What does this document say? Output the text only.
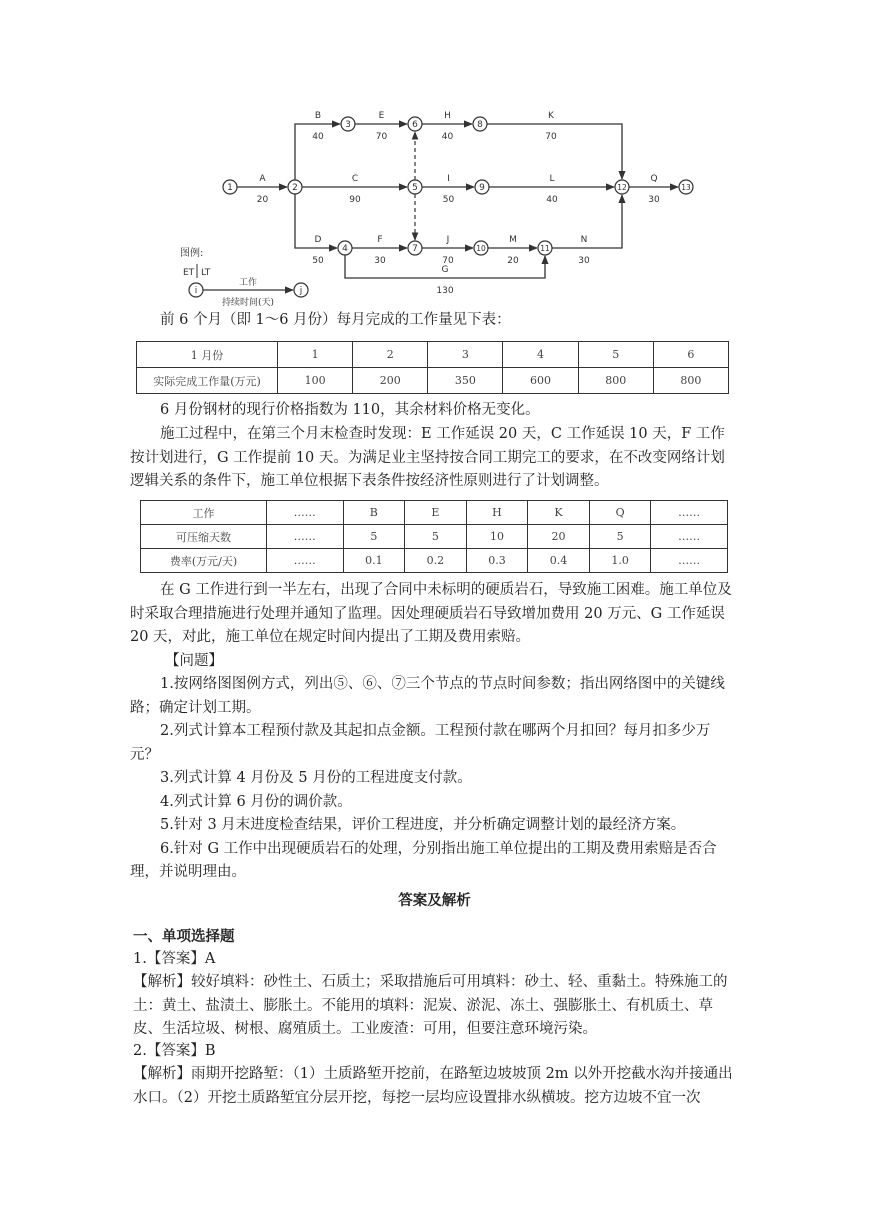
1	2
3
4
5
6
7
8
9
10	11
12	13
A
20
B
40
D
50
C
90
E
70
H
40
I
50
F
30
J
70
M
20
L
40
Q
30
K
70
N
30
G
130
图例:
ET LT
i	j
工作
持续时间(天)
前 6 个月（即 1～6 月份）每月完成的工作量见下表：
1 月份	1	2	3	4	5	6
实际完成工作量(万元)	100	200	350	600	800	800
6 月份钢材的现行价格指数为 110，其余材料价格无变化。
施工过程中，在第三个月末检查时发现：E 工作延误 20 天，C 工作延误 10 天，F 工作按计划进行，G 工作提前 10 天。为满足业主坚持按合同工期完工的要求，在不改变网络计划逻辑关系的条件下，施工单位根据下表条件按经济性原则进行了计划调整。
工作	……	B	E	H	K	Q	……
可压缩天数	……	5	5	10	20	5	……
费率(万元/天)	……	0.1	0.2	0.3	0.4	1.0	……
在 G 工作进行到一半左右，出现了合同中未标明的硬质岩石，导致施工困难。施工单位及时采取合理措施进行处理并通知了监理。因处理硬质岩石导致增加费用 20 万元、G 工作延误 20 天，对此，施工单位在规定时间内提出了工期及费用索赔。
【问题】
1.按网络图图例方式，列出⑤、⑥、⑦三个节点的节点时间参数；指出网络图中的关键线路；确定计划工期。
2.列式计算本工程预付款及其起扣点金额。工程预付款在哪两个月扣回？每月扣多少万元？
3.列式计算 4 月份及 5 月份的工程进度支付款。
4.列式计算 6 月份的调价款。
5.针对 3 月末进度检查结果，评价工程进度，并分析确定调整计划的最经济方案。
6.针对 G 工作中出现硬质岩石的处理，分别指出施工单位提出的工期及费用索赔是否合理，并说明理由。
答案及解析
一、单项选择题
1.【答案】A
【解析】较好填料：砂性土、石质土；采取措施后可用填料：砂土、轻、重黏土。特殊施工的土：黄土、盐渍土、膨胀土。不能用的填料：泥炭、淤泥、冻土、强膨胀土、有机质土、草皮、生活垃圾、树根、腐殖质土。工业废渣：可用，但要注意环境污染。
2.【答案】B
【解析】雨期开挖路堑：（1）土质路堑开挖前，在路堑边坡坡顶 2m 以外开挖截水沟并接通出水口。（2）开挖土质路堑宜分层开挖，每挖一层均应设置排水纵横坡。挖方边坡不宜一次
